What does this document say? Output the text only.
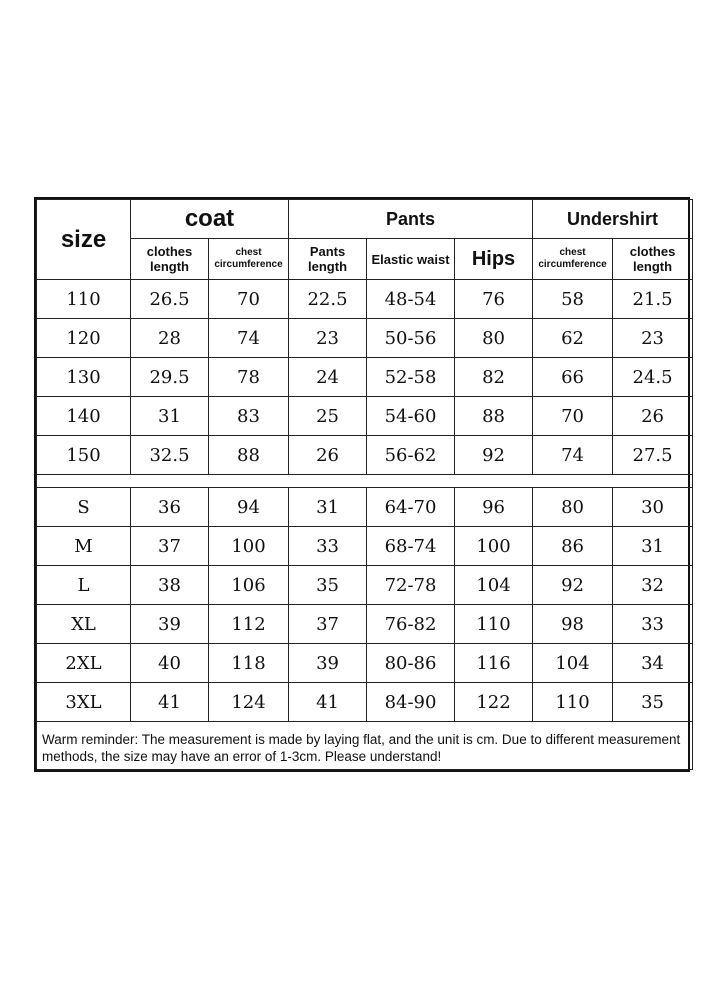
size	coat		Pants			Undershirt	
	clothes length	chest circumference	Pants length	Elastic waist	Hips	chest circumference	clothes length
110	26.5	70	22.5	48-54	76	58	21.5
120	28	74	23	50-56	80	62	23
130	29.5	78	24	52-58	82	66	24.5
140	31	83	25	54-60	88	70	26
150	32.5	88	26	56-62	92	74	27.5

S	36	94	31	64-70	96	80	30
M	37	100	33	68-74	100	86	31
L	38	106	35	72-78	104	92	32
XL	39	112	37	76-82	110	98	33
2XL	40	118	39	80-86	116	104	34
3XL	41	124	41	84-90	122	110	35
Warm reminder: The measurement is made by laying flat, and the unit is cm. Due to different measurement methods, the size may have an error of 1-3cm. Please understand!							
